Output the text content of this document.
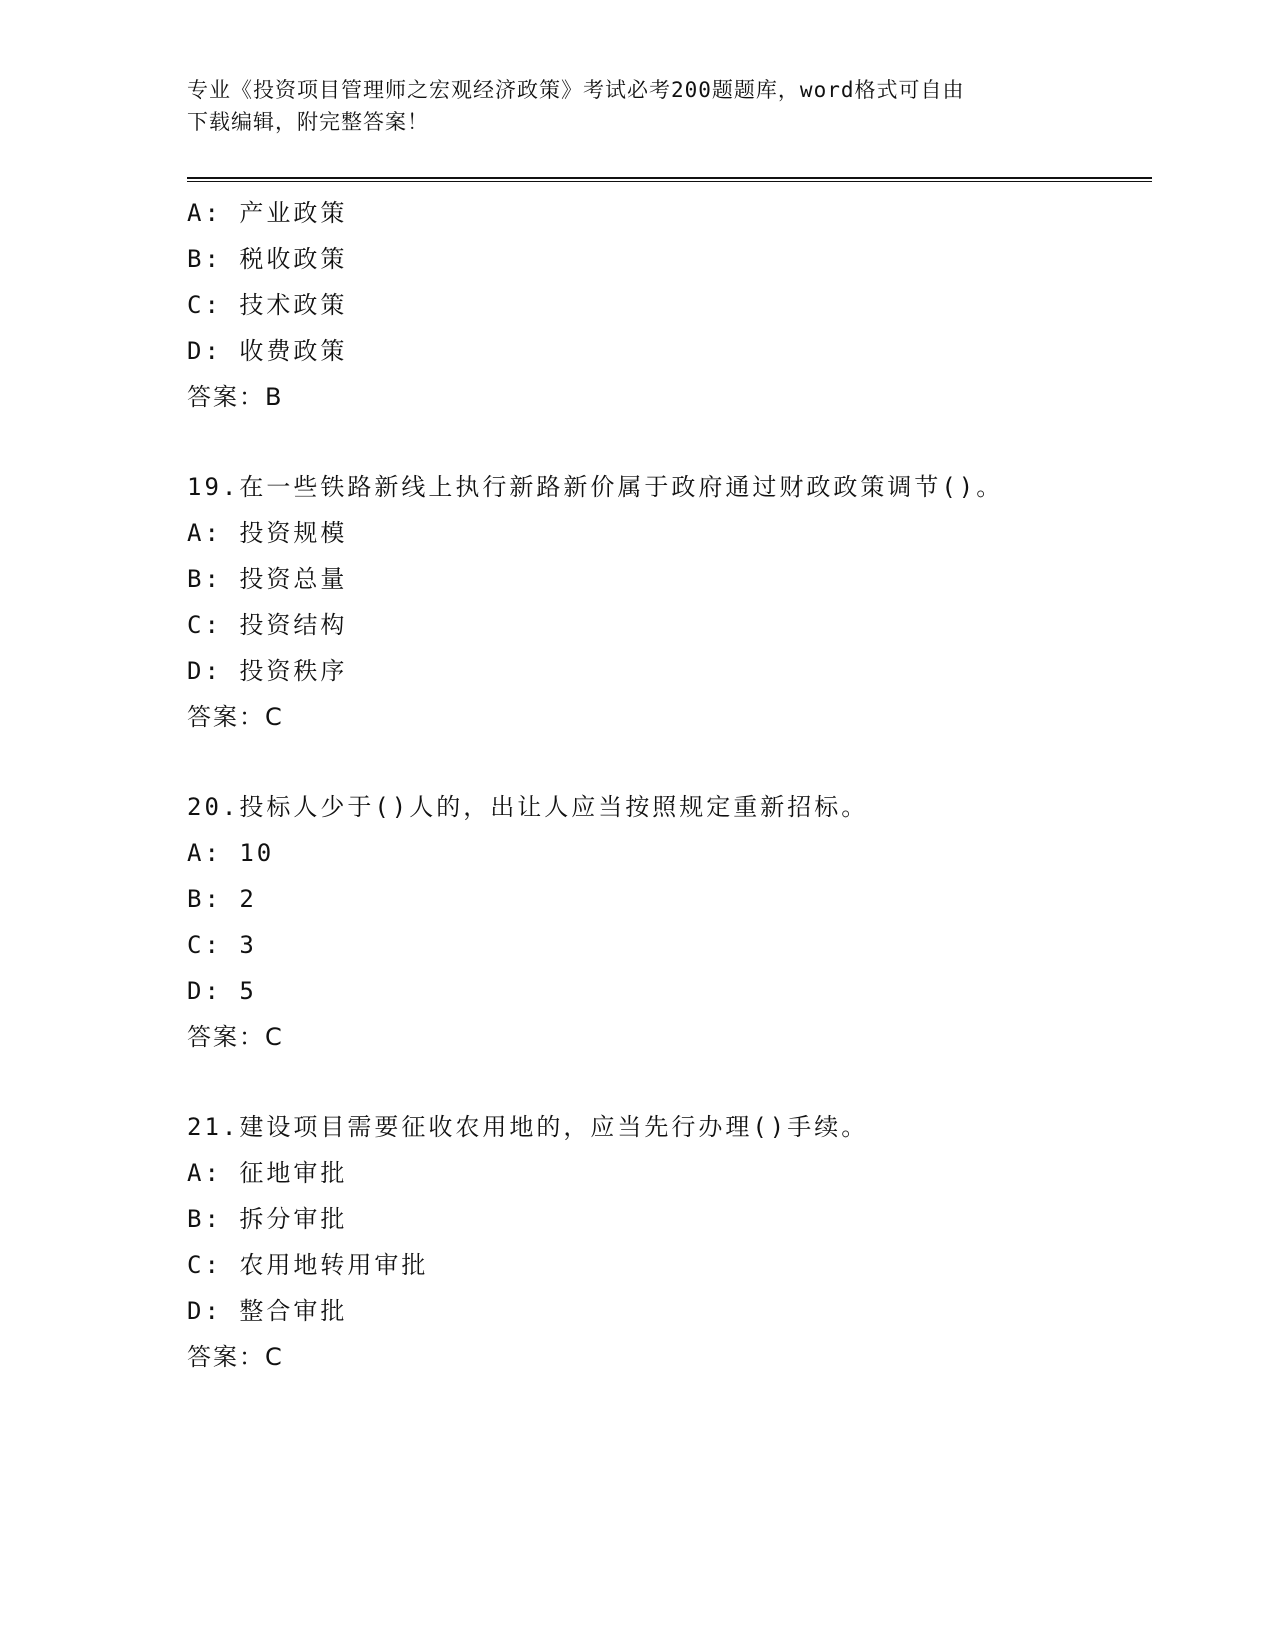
专业《投资项目管理师之宏观经济政策》考试必考200题题库，word格式可自由
下载编辑，附完整答案！
A: 产业政策
B: 税收政策
C: 技术政策
D: 收费政策
答案：B
19.在一些铁路新线上执行新路新价属于政府通过财政政策调节()。
A: 投资规模
B: 投资总量
C: 投资结构
D: 投资秩序
答案：C
20.投标人少于()人的，出让人应当按照规定重新招标。
A: 10
B: 2
C: 3
D: 5
答案：C
21.建设项目需要征收农用地的，应当先行办理()手续。
A: 征地审批
B: 拆分审批
C: 农用地转用审批
D: 整合审批
答案：C
